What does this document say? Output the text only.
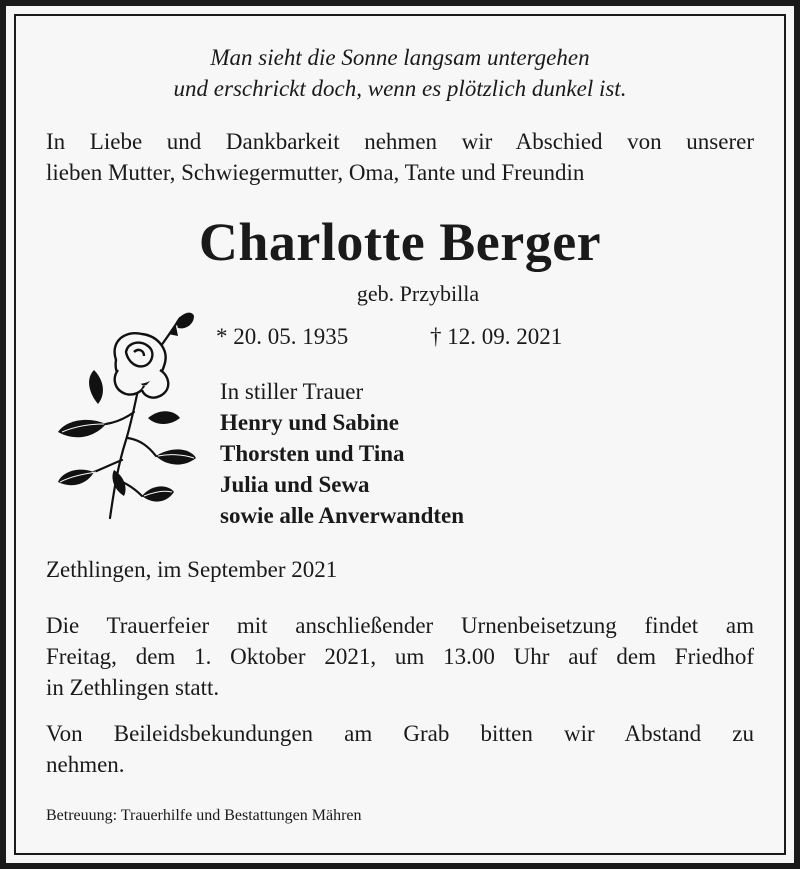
Man sieht die Sonne langsam untergehen
und erschrickt doch, wenn es plötzlich dunkel ist.
In Liebe und Dankbarkeit nehmen wir Abschied von unserer
lieben Mutter, Schwiegermutter, Oma, Tante und Freundin
Charlotte Berger
geb. Przybilla
* 20. 05. 1935	† 12. 09. 2021
In stiller Trauer
Henry und Sabine
Thorsten und Tina
Julia und Sewa
sowie alle Anverwandten
Zethlingen, im September 2021
Die Trauerfeier mit anschließender Urnenbeisetzung findet am
Freitag, dem 1. Oktober 2021, um 13.00 Uhr auf dem Friedhof
in Zethlingen statt.
Von Beileidsbekundungen am Grab bitten wir Abstand zu
nehmen.
Betreuung: Trauerhilfe und Bestattungen Mähren
